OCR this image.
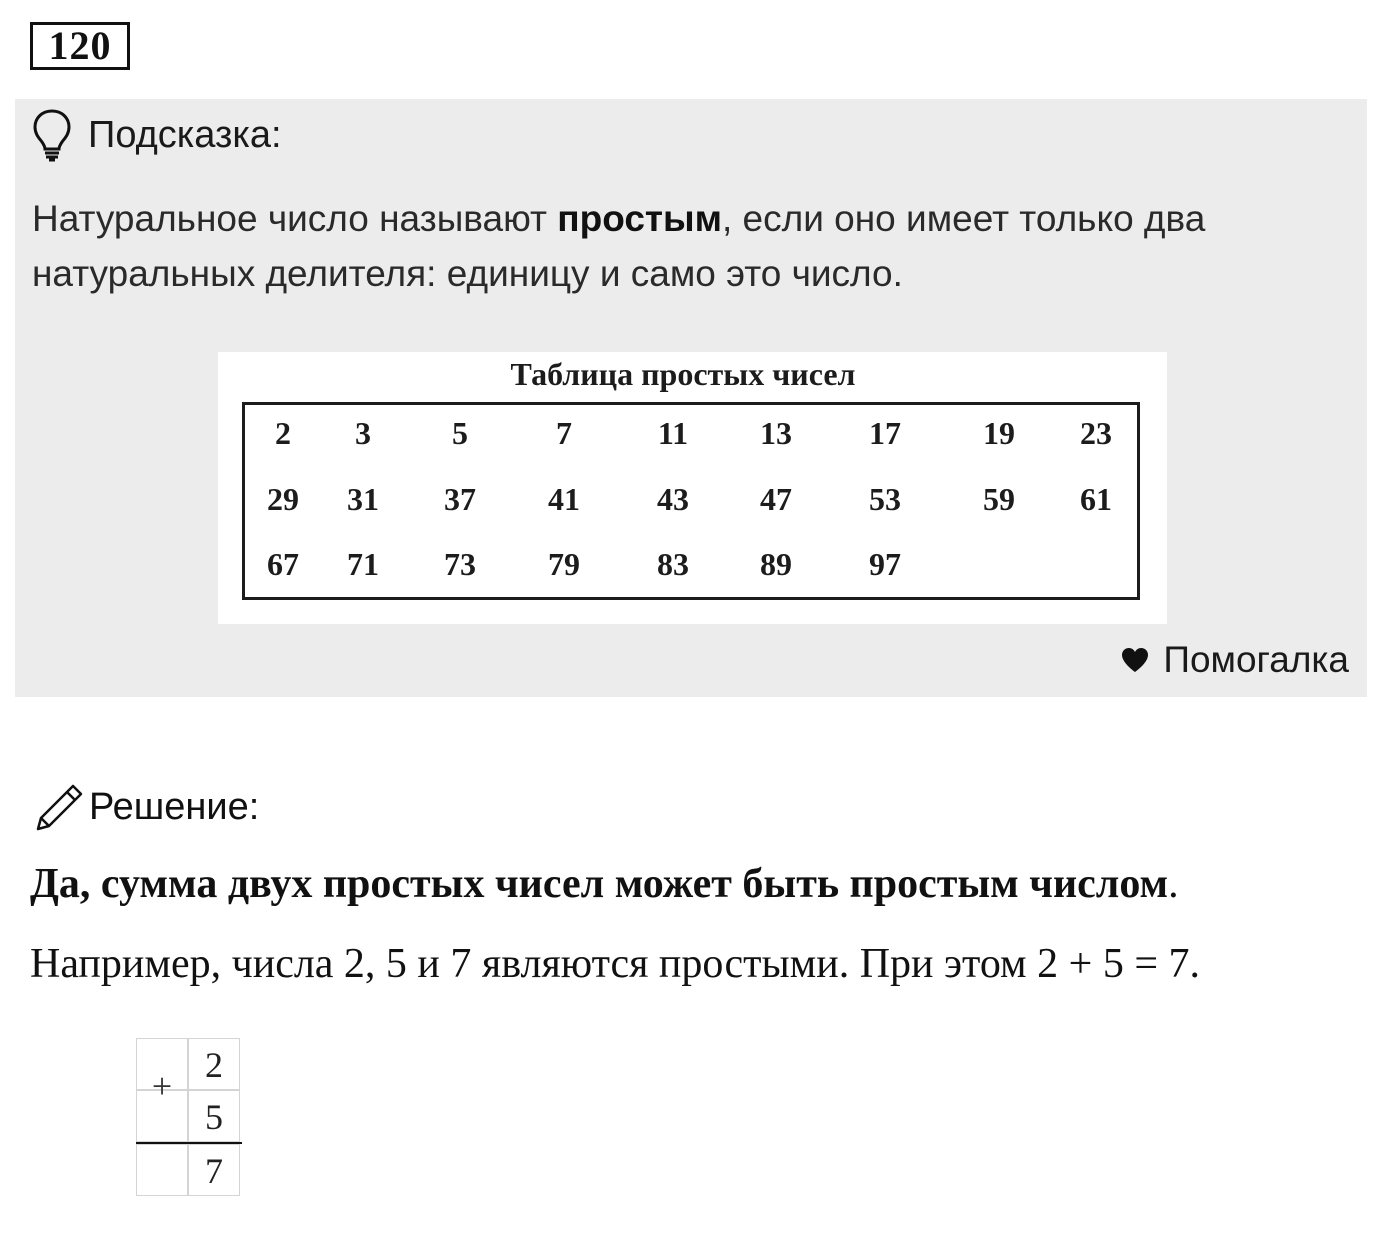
120
Подсказка:
Натуральное число называют простым, если оно имеет только два натуральных делителя: единицу и само это число.
Таблица простых чисел
2	3	5	7	11	13	17	19	23
29	31	37	41	43	47	53	59	61
67	71	73	79	83	89	97
Помогалка
Решение:
Да, сумма двух простых чисел может быть простым числом.
Например, числа 2, 5 и 7 являются простыми. При этом 2 + 5 = 7.
2
5
7
+
